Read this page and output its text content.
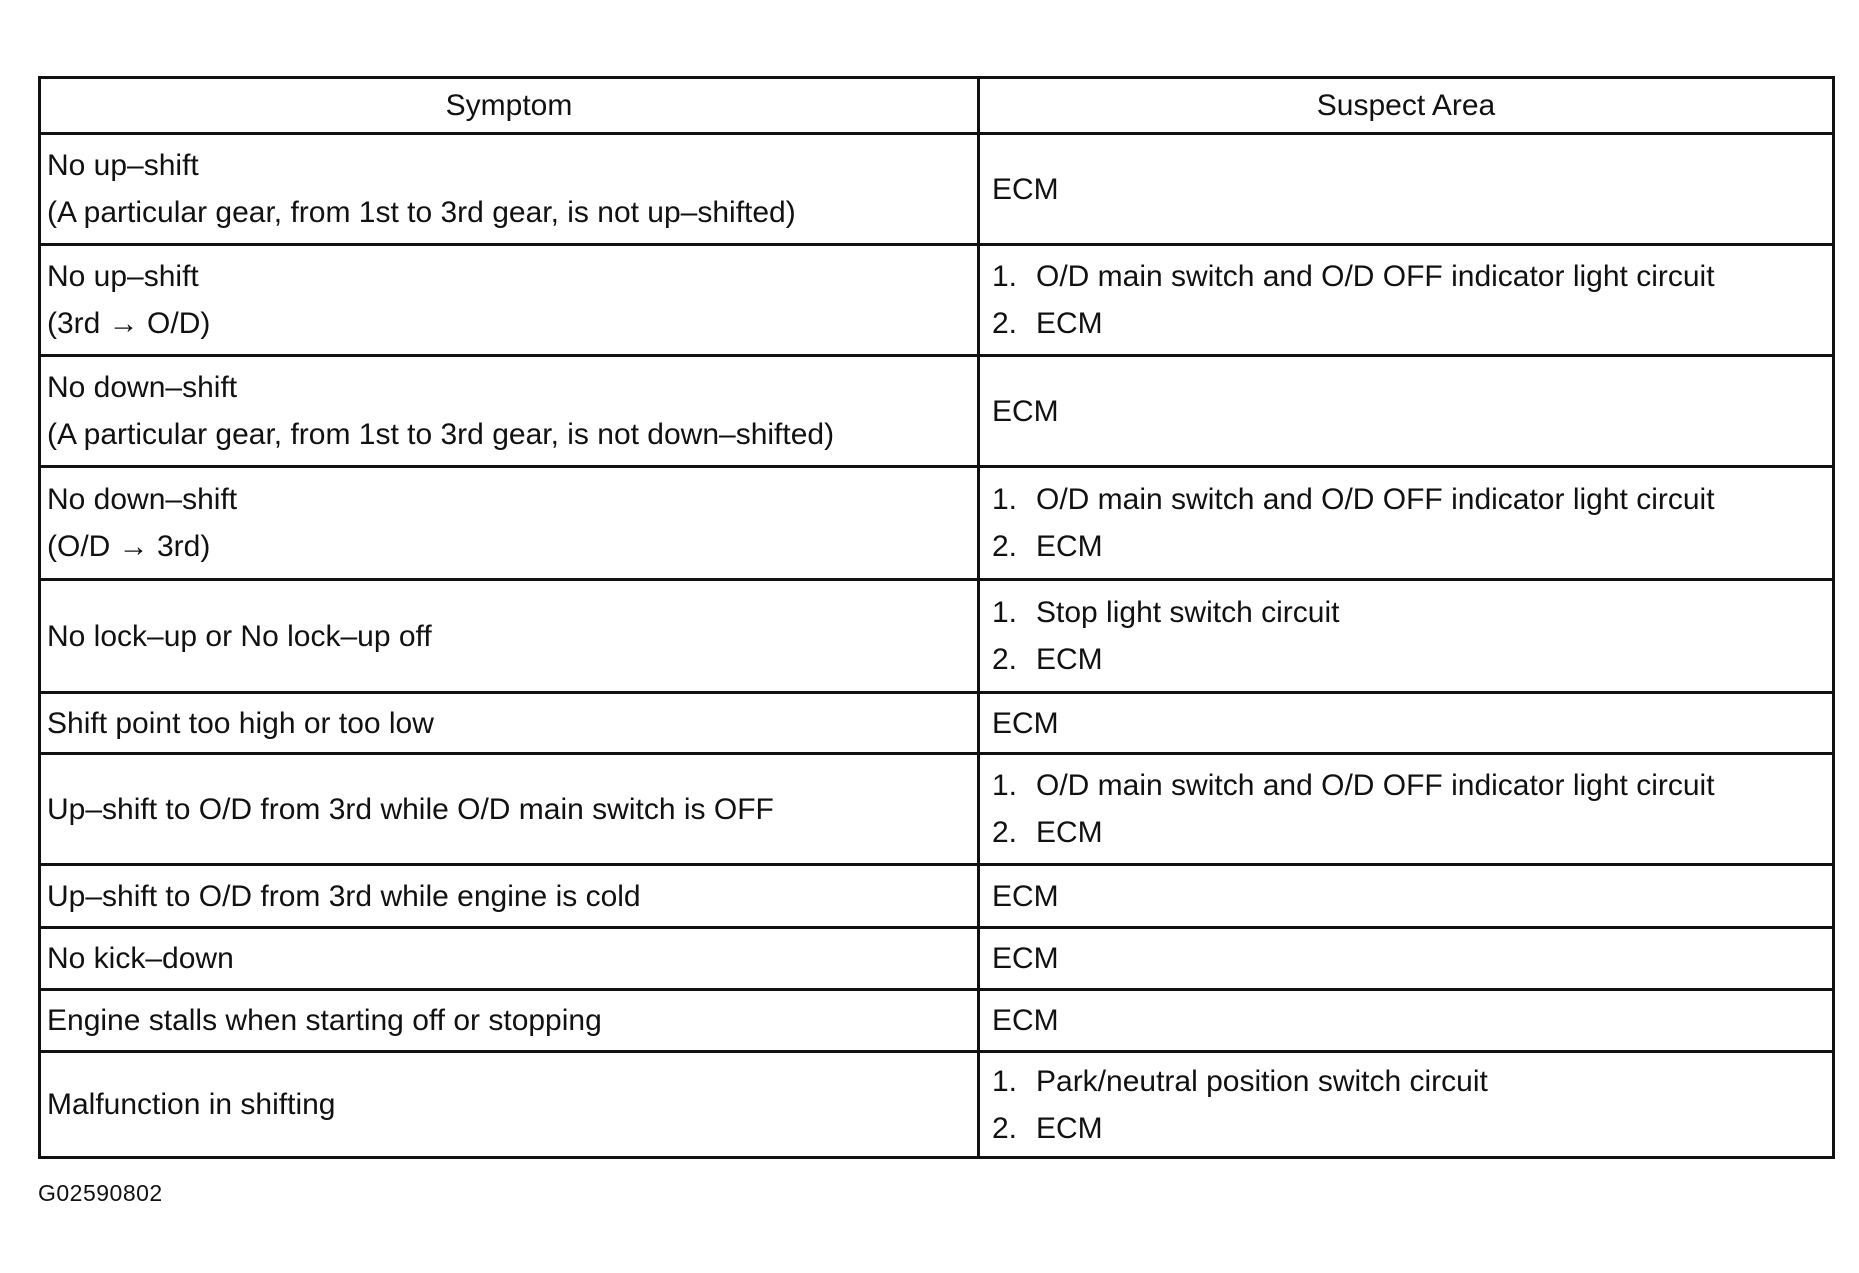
Symptom	Suspect Area

No up–shift
(A particular gear, from 1st to 3rd gear, is not up–shifted)	ECM

No up–shift
(3rd → O/D)	1. O/D main switch and O/D OFF indicator light circuit
2. ECM

No down–shift
(A particular gear, from 1st to 3rd gear, is not down–shifted)	ECM

No down–shift
(O/D → 3rd)	1. O/D main switch and O/D OFF indicator light circuit
2. ECM

No lock–up or No lock–up off	1. Stop light switch circuit
2. ECM

Shift point too high or too low	ECM

Up–shift to O/D from 3rd while O/D main switch is OFF	1. O/D main switch and O/D OFF indicator light circuit
2. ECM

Up–shift to O/D from 3rd while engine is cold	ECM

No kick–down	ECM

Engine stalls when starting off or stopping	ECM

Malfunction in shifting	1. Park/neutral position switch circuit
2. ECM
G02590802
